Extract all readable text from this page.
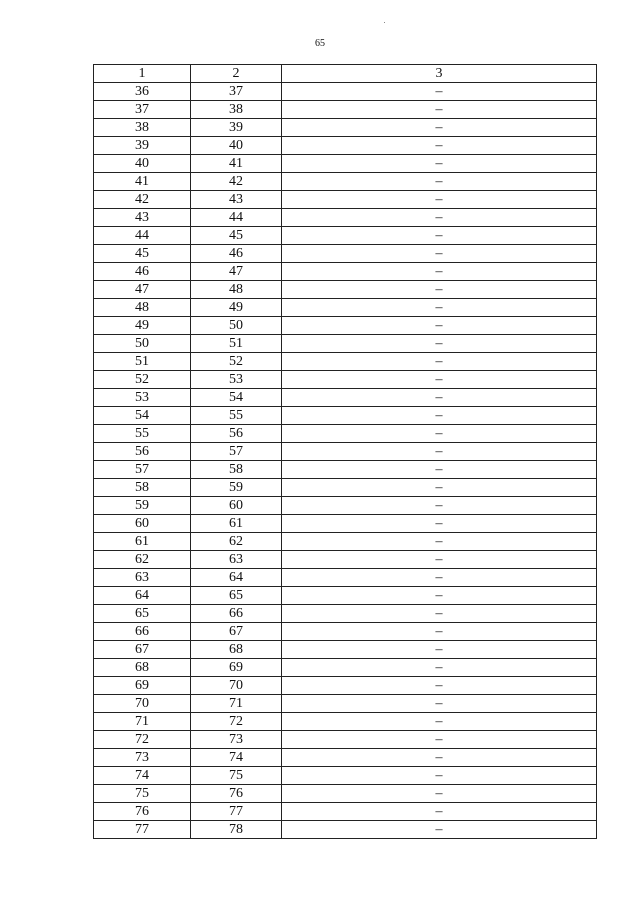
65
1	2	3
36	37	–
37	38	–
38	39	–
39	40	–
40	41	–
41	42	–
42	43	–
43	44	–
44	45	–
45	46	–
46	47	–
47	48	–
48	49	–
49	50	–
50	51	–
51	52	–
52	53	–
53	54	–
54	55	–
55	56	–
56	57	–
57	58	–
58	59	–
59	60	–
60	61	–
61	62	–
62	63	–
63	64	–
64	65	–
65	66	–
66	67	–
67	68	–
68	69	–
69	70	–
70	71	–
71	72	–
72	73	–
73	74	–
74	75	–
75	76	–
76	77	–
77	78	–
